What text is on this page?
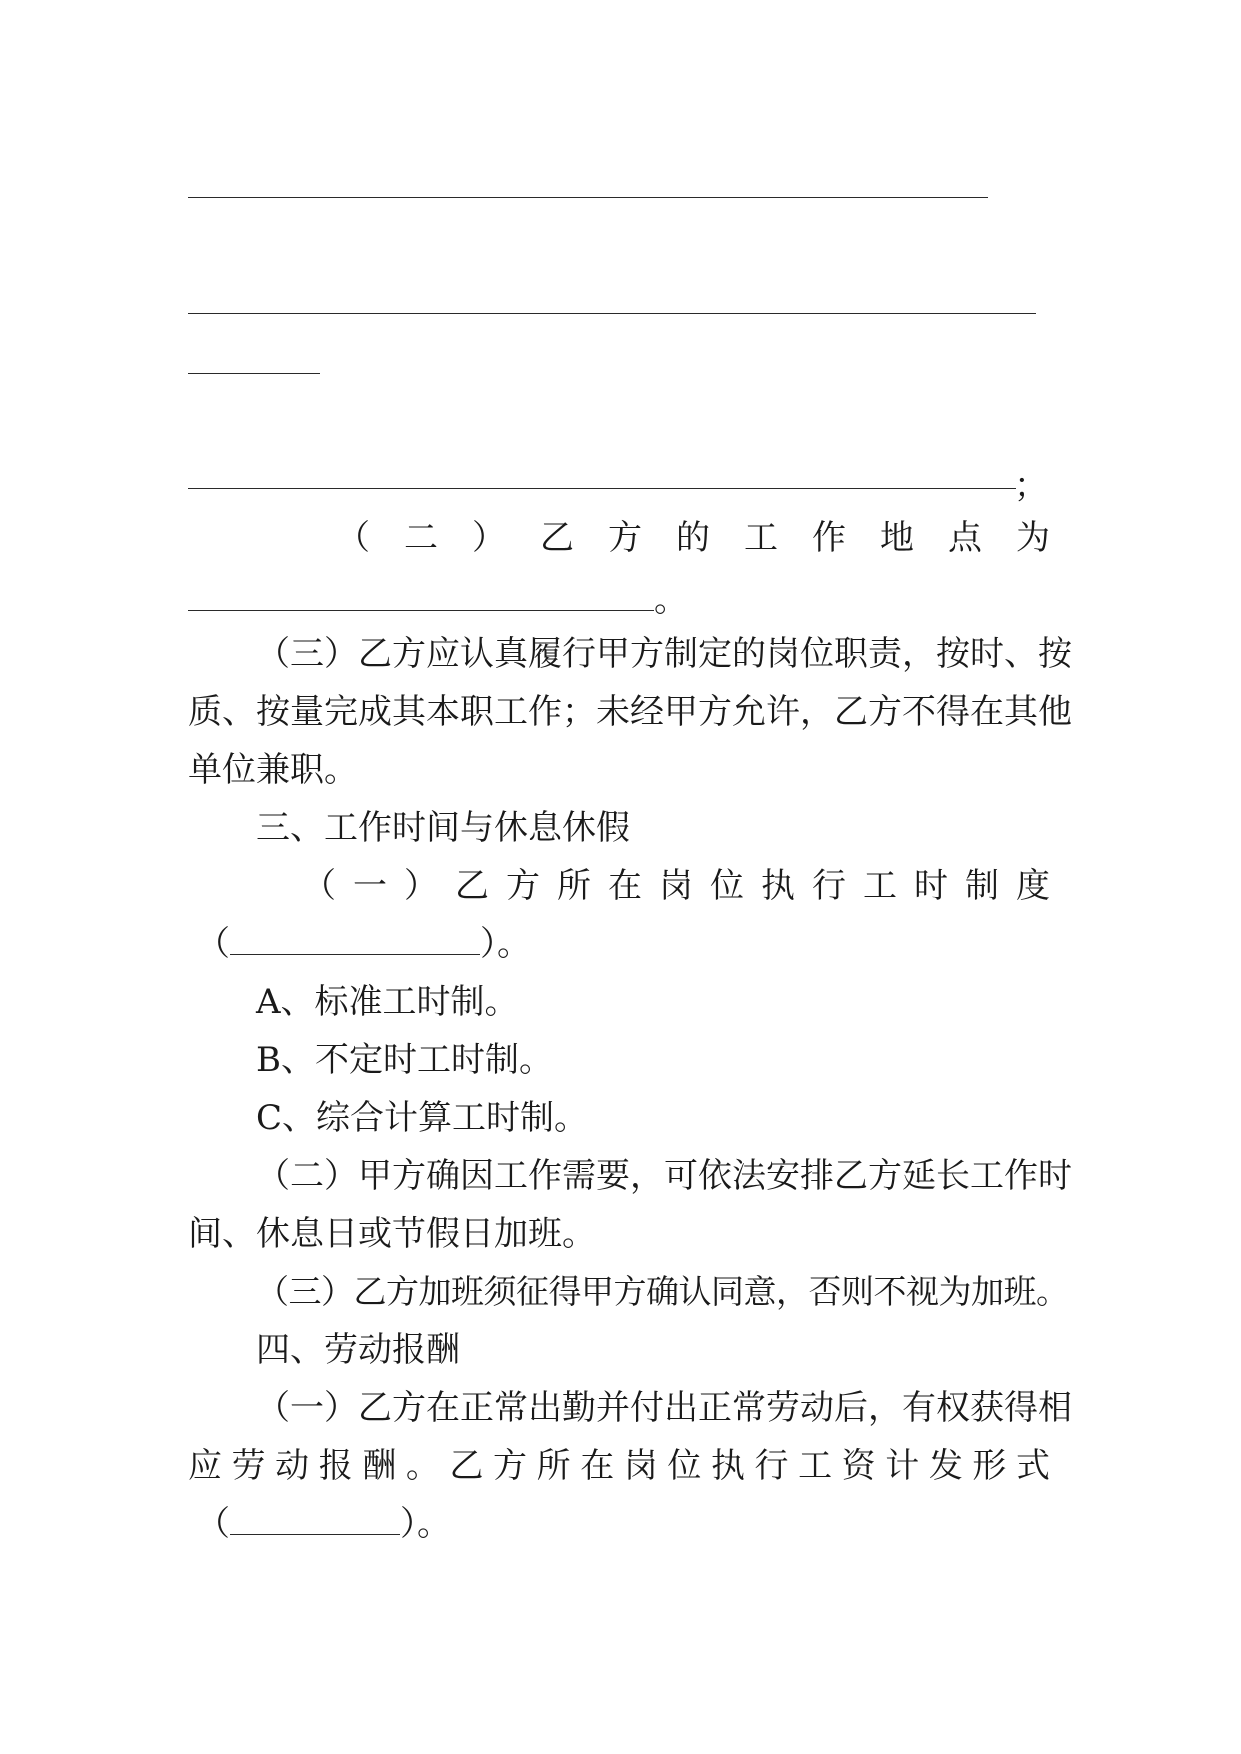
；
（ 二 ） 乙 方 的 工 作 地 点 为
。
（ 三 ） 乙 方 应 认 真 履 行 甲 方 制 定 的 岗 位 职 责 ， 按 时 、 按
质 、 按 量 完 成 其 本 职 工 作 ； 未 经 甲 方 允 许 ， 乙 方 不 得 在 其 他
单位兼职。
三、工作时间与休息休假
（ 一 ） 乙 方 所 在 岗 位 执 行 工 时 制 度
（	）。
A、标准工时制。
B、不定时工时制。
C、综合计算工时制。
（ 二 ） 甲 方 确 因 工 作 需 要 ， 可 依 法 安 排 乙 方 延 长 工 作 时
间、休息日或节假日加班。
（三）乙方加班须征得甲方确认同意，否则不视为加班。
四、劳动报酬
（ 一 ） 乙 方 在 正 常 出 勤 并 付 出 正 常 劳 动 后 ， 有 权 获 得 相
应 劳 动 报 酬 。 乙 方 所 在 岗 位 执 行 工 资 计 发 形 式
（	）。
